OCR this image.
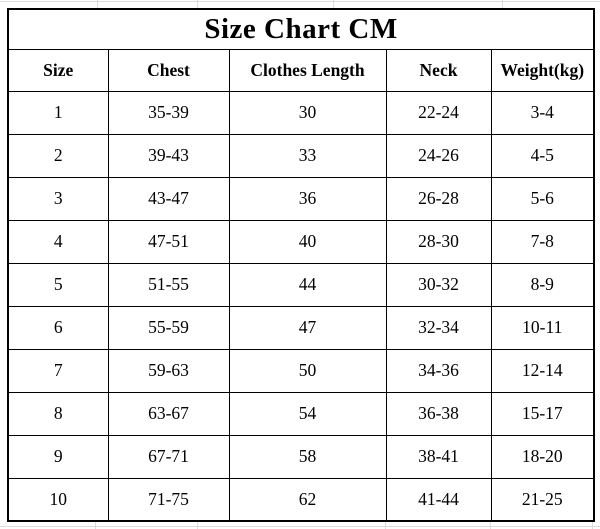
Size Chart CM				
Size	Chest	Clothes Length	Neck	Weight(kg)
1	35-39	30	22-24	3-4
2	39-43	33	24-26	4-5
3	43-47	36	26-28	5-6
4	47-51	40	28-30	7-8
5	51-55	44	30-32	8-9
6	55-59	47	32-34	10-11
7	59-63	50	34-36	12-14
8	63-67	54	36-38	15-17
9	67-71	58	38-41	18-20
10	71-75	62	41-44	21-25
